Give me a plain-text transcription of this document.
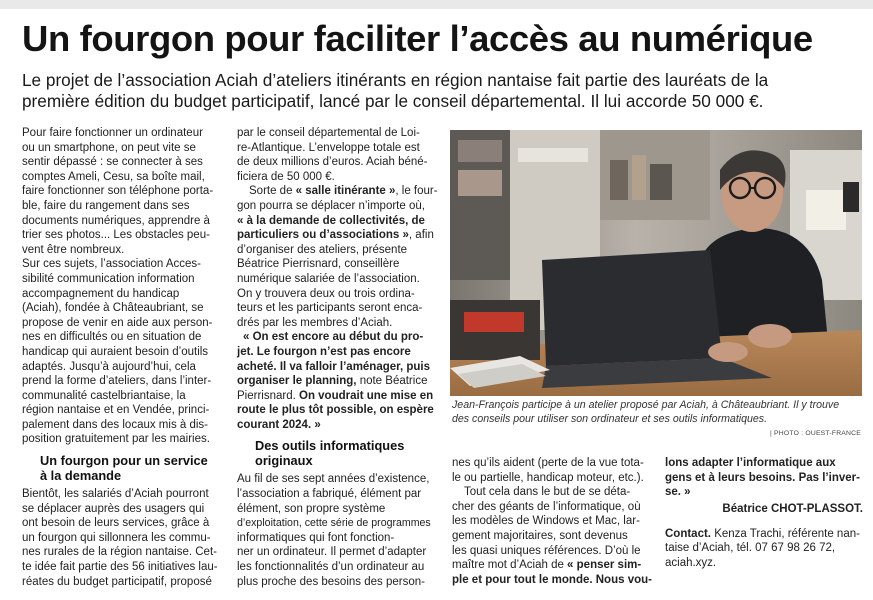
Un fourgon pour faciliter l’accès au numérique
Le projet de l’association Aciah d’ateliers itinérants en région nantaise fait partie des lauréats de la
première édition du budget participatif, lancé par le conseil départemental. Il lui accorde 50 000 €.

Pour faire fonctionner un ordinateur
ou un smartphone, on peut vite se
sentir dépassé : se connecter à ses
comptes Ameli, Cesu, sa boîte mail,
faire fonctionner son téléphone porta-
ble, faire du rangement dans ses
documents numériques, apprendre à
trier ses photos... Les obstacles peu-
vent être nombreux.

Sur ces sujets, l’association Acces-
sibilité communication information
accompagnement du handicap
(Aciah), fondée à Châteaubriant, se
propose de venir en aide aux person-
nes en difficultés ou en situation de
handicap qui auraient besoin d’outils
adaptés. Jusqu’à aujourd’hui, cela
prend la forme d’ateliers, dans l’inter-
communalité castelbriantaise, la
région nantaise et en Vendée, princi-
palement dans des locaux mis à dis-
position gratuitement par les mairies.

Un fourgon pour un service
à la demande

Bientôt, les salariés d’Aciah pourront
se déplacer auprès des usagers qui
ont besoin de leurs services, grâce à
un fourgon qui sillonnera les commu-
nes rurales de la région nantaise. Cet-
te idée fait partie des 56 initiatives lau-
réates du budget participatif, proposé

par le conseil départemental de Loi-
re-Atlantique. L’enveloppe totale est
de deux millions d’euros. Aciah béné-
ficiera de 50 000 €.

Sorte de « salle itinérante », le four-
gon pourra se déplacer n’importe où,
« à la demande de collectivités, de
particuliers ou d’associations », afin
d’organiser des ateliers, présente
Béatrice Pierrisnard, conseillère
numérique salariée de l’association.
On y trouvera deux ou trois ordina-
teurs et les participants seront enca-
drés par les membres d’Aciah.

« On est encore au début du pro-
jet. Le fourgon n’est pas encore
acheté. Il va falloir l’aménager, puis
organiser le planning, note Béatrice
Pierrisnard. On voudrait une mise en
route le plus tôt possible, on espère
courant 2024. »

Des outils informatiques
originaux

Au fil de ses sept années d’existence,
l’association a fabriqué, élément par
élément, son propre système
d’exploitation, cette série de programmes
informatiques qui font fonction-
ner un ordinateur. Il permet d’adapter
les fonctionnalités d’un ordinateur au
plus proche des besoins des person-

Jean-François participe à un atelier proposé par Aciah, à Châteaubriant. Il y trouve
des conseils pour utiliser son ordinateur et ses outils informatiques.
| PHOTO : OUEST-FRANCE

nes qu’ils aident (perte de la vue tota-
le ou partielle, handicap moteur, etc.).

Tout cela dans le but de se déta-
cher des géants de l’informatique, où
les modèles de Windows et Mac, lar-
gement majoritaires, sont devenus
les quasi uniques références. D’où le
maître mot d’Aciah de « penser sim-
ple et pour tout le monde. Nous vou-

lons adapter l’informatique aux
gens et à leurs besoins. Pas l’inver-
se. »

Béatrice CHOT-PLASSOT.

Contact. Kenza Trachi, référente nan-
taise d’Aciah, tél. 07 67 98 26 72,
aciah.xyz.
